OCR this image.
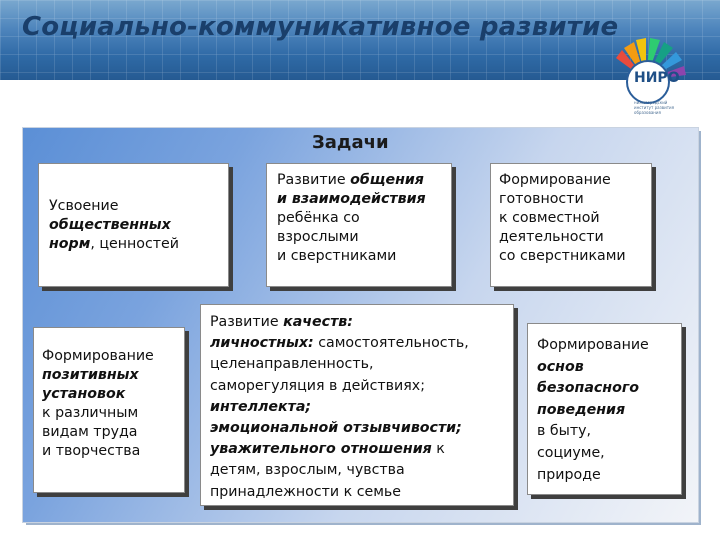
Социально-коммуникативное развитие
НИРО
нижегородский институт развития образования
Задачи
Усвоение
общественных
норм, ценностей
Развитие общения
и взаимодействия
ребёнка со
взрослыми
и сверстниками
Формирование
готовности
к совместной
деятельности
со сверстниками
Формирование
позитивных
установок
к различным
видам труда
и творчества
Развитие качеств:
личностных: самостоятельность,
целенаправленность,
саморегуляция в действиях;
интеллекта;
эмоциональной отзывчивости;
уважительного отношения к
детям, взрослым, чувства
принадлежности к семье
Формирование
основ
безопасного
поведения
в быту,
социуме,
природе
